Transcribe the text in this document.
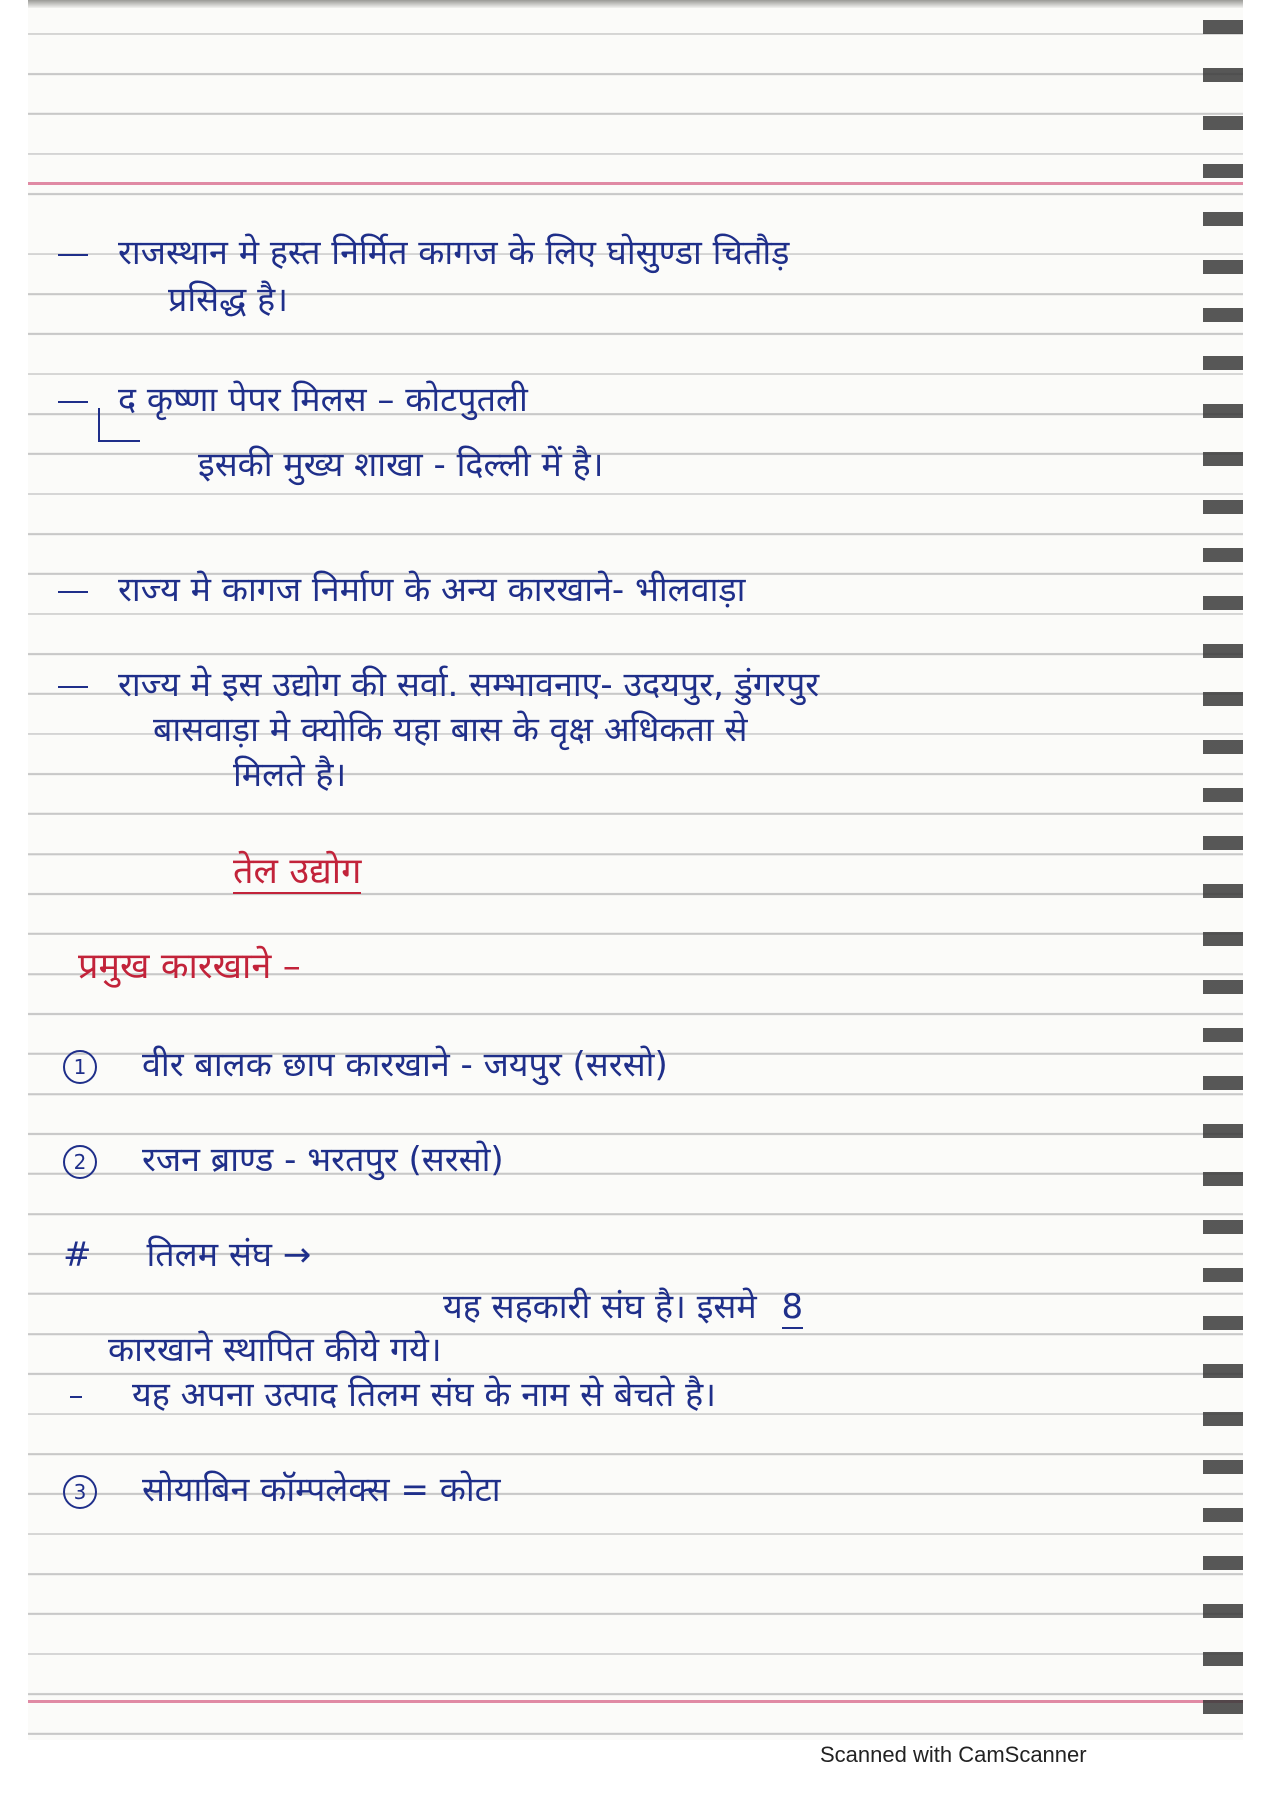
राजस्थान मे हस्त निर्मित कागज के लिए घोसुण्डा चितौड़
प्रसिद्ध है।
द कृष्णा पेपर मिलस – कोटपुतली
इसकी मुख्य शाखा - दिल्ली में है।
राज्य मे कागज निर्माण के अन्य कारखाने- भीलवाड़ा
राज्य मे इस उद्योग की सर्वा. सम्भावनाए- उदयपुर, डुंगरपुर
बासवाड़ा मे क्योकि यहा बास के वृक्ष अधिकता से
मिलते है।
तेल उद्योग
प्रमुख कारखाने –
1 वीर बालक छाप कारखाने - जयपुर (सरसो)
2 रजन ब्राण्ड - भरतपुर (सरसो)
# तिलम संघ →
यह सहकारी संघ है। इसमे 8
कारखाने स्थापित कीये गये।
यह अपना उत्पाद तिलम संघ के नाम से बेचते है।
3 सोयाबिन कॉम्पलेक्स = कोटा
Scanned with CamScanner
